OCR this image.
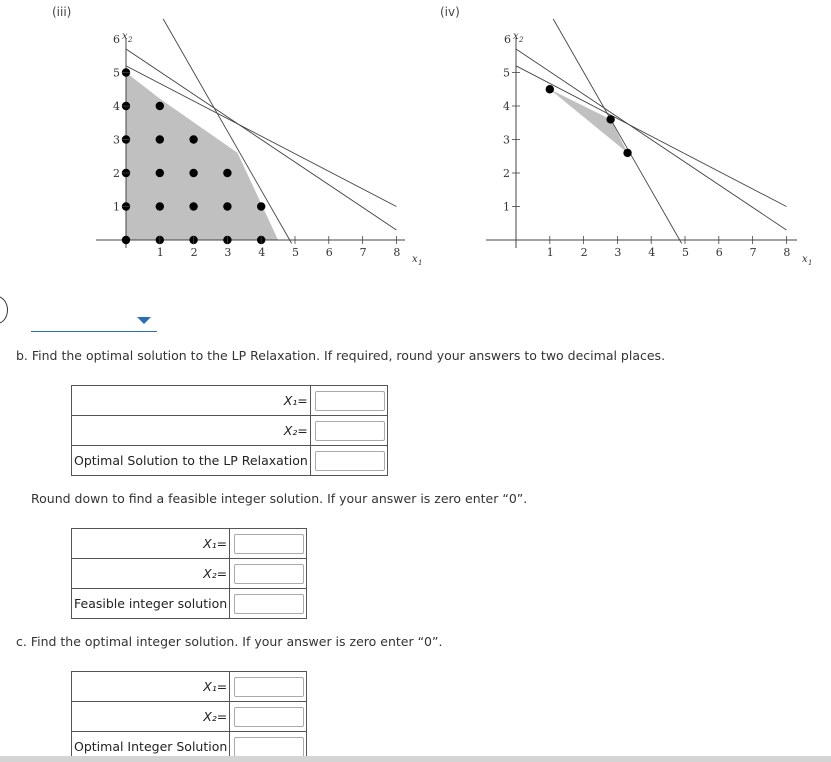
(iii)	(iv)
1 2 3 4 5 6 7 8
1
2
3
4
5
6 x 2
x 1
1 2 3 4 5 6 7 8
1
2
3
4
5
6 x 2
x 1
b. Find the optimal solution to the LP Relaxation. If required, round your answers to two decimal places.
X₁=	
X₂=	
Optimal Solution to the LP Relaxation	
Round down to find a feasible integer solution. If your answer is zero enter “0”.
X₁=	
X₂=	
Feasible integer solution	
c. Find the optimal integer solution. If your answer is zero enter “0”.
X₁=	
X₂=	
Optimal Integer Solution	
